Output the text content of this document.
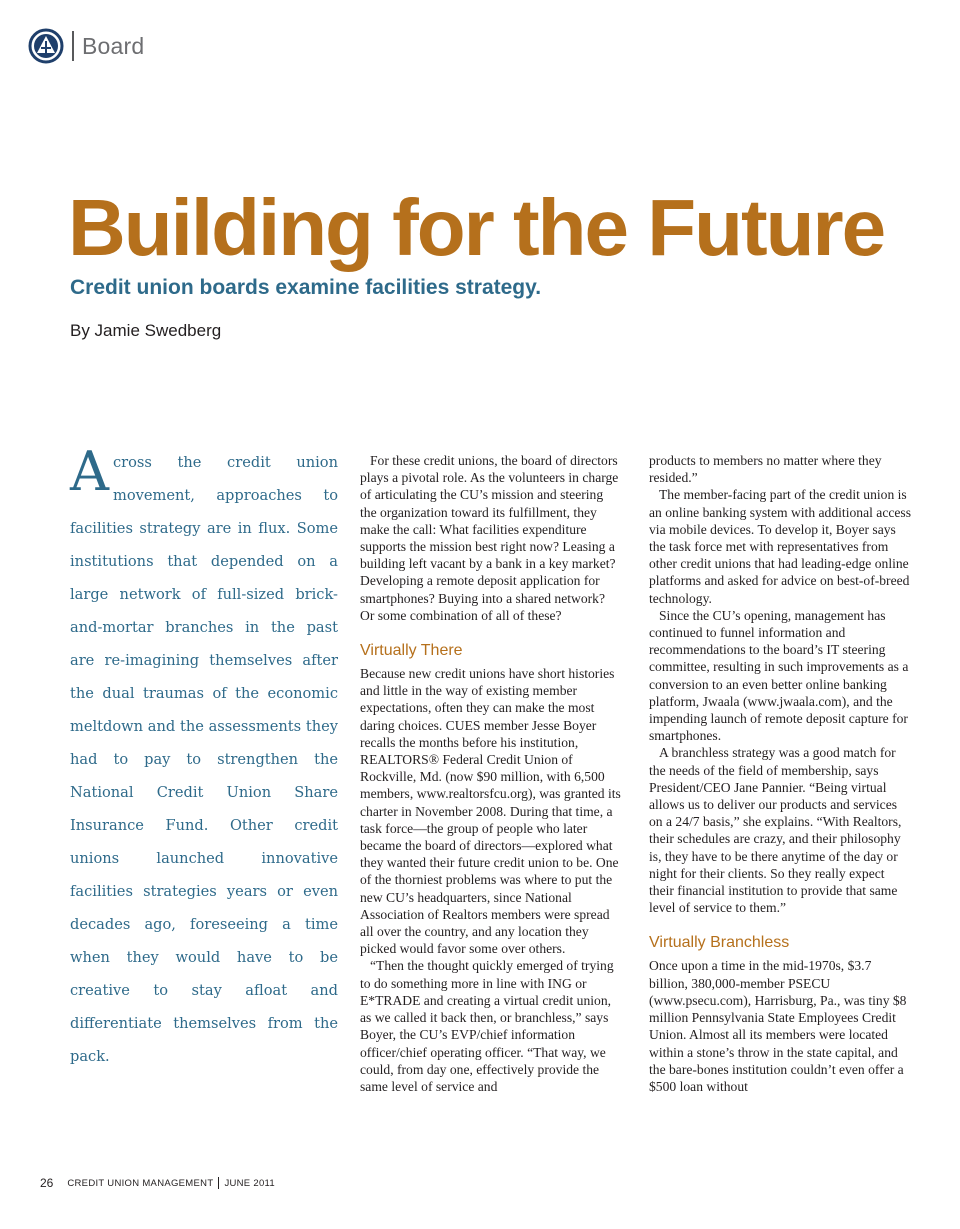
Board
Building for the Future
Credit union boards examine facilities strategy.
By Jamie Swedberg
A cross the credit union movement, approaches to facilities strategy are in flux. Some institutions that depended on a large network of full-sized brick-and-mortar branches in the past are re-imagining themselves after the dual traumas of the economic meltdown and the assessments they had to pay to strengthen the National Credit Union Share Insurance Fund. Other credit unions launched innovative facilities strategies years or even decades ago, foreseeing a time when they would have to be creative to stay afloat and differentiate themselves from the pack.

For these credit unions, the board of directors plays a pivotal role. As the volunteers in charge of articulating the CU’s mission and steering the organization toward its fulfillment, they make the call: What facilities expenditure supports the mission best right now? Leasing a building left vacant by a bank in a key market? Developing a remote deposit application for smartphones? Buying into a shared network? Or some combination of all of these?

Virtually There

Because new credit unions have short histories and little in the way of existing member expectations, often they can make the most daring choices. CUES member Jesse Boyer recalls the months before his institution, REALTORS® Federal Credit Union of Rockville, Md. (now $90 million, with 6,500 members, www.realtorsfcu.org), was granted its charter in November 2008. During that time, a task force—the group of people who later became the board of directors—explored what they wanted their future credit union to be. One of the thorniest problems was where to put the new CU’s headquarters, since National Association of Realtors members were spread all over the country, and any location they picked would favor some over others.

“Then the thought quickly emerged of trying to do something more in line with ING or E*TRADE and creating a virtual credit union, as we called it back then, or branchless,” says Boyer, the CU’s EVP/chief information officer/chief operating officer. “That way, we could, from day one, effectively provide the same level of service and

products to members no matter where they resided.”

The member-facing part of the credit union is an online banking system with additional access via mobile devices. To develop it, Boyer says the task force met with representatives from other credit unions that had leading-edge online platforms and asked for advice on best-of-breed technology.

Since the CU’s opening, management has continued to funnel information and recommendations to the board’s IT steering committee, resulting in such improvements as a conversion to an even better online banking platform, Jwaala (www.jwaala.com), and the impending launch of remote deposit capture for smartphones.

A branchless strategy was a good match for the needs of the field of membership, says President/CEO Jane Pannier. “Being virtual allows us to deliver our products and services on a 24/7 basis,” she explains. “With Realtors, their schedules are crazy, and their philosophy is, they have to be there anytime of the day or night for their clients. So they really expect their financial institution to provide that same level of service to them.”

Virtually Branchless

Once upon a time in the mid-1970s, $3.7 billion, 380,000-member PSECU (www.psecu.com), Harrisburg, Pa., was tiny $8 million Pennsylvania State Employees Credit Union. Almost all its members were located within a stone’s throw in the state capital, and the bare-bones institution couldn’t even offer a $500 loan without

26 CREDIT UNION MANAGEMENT JUNE 2011
